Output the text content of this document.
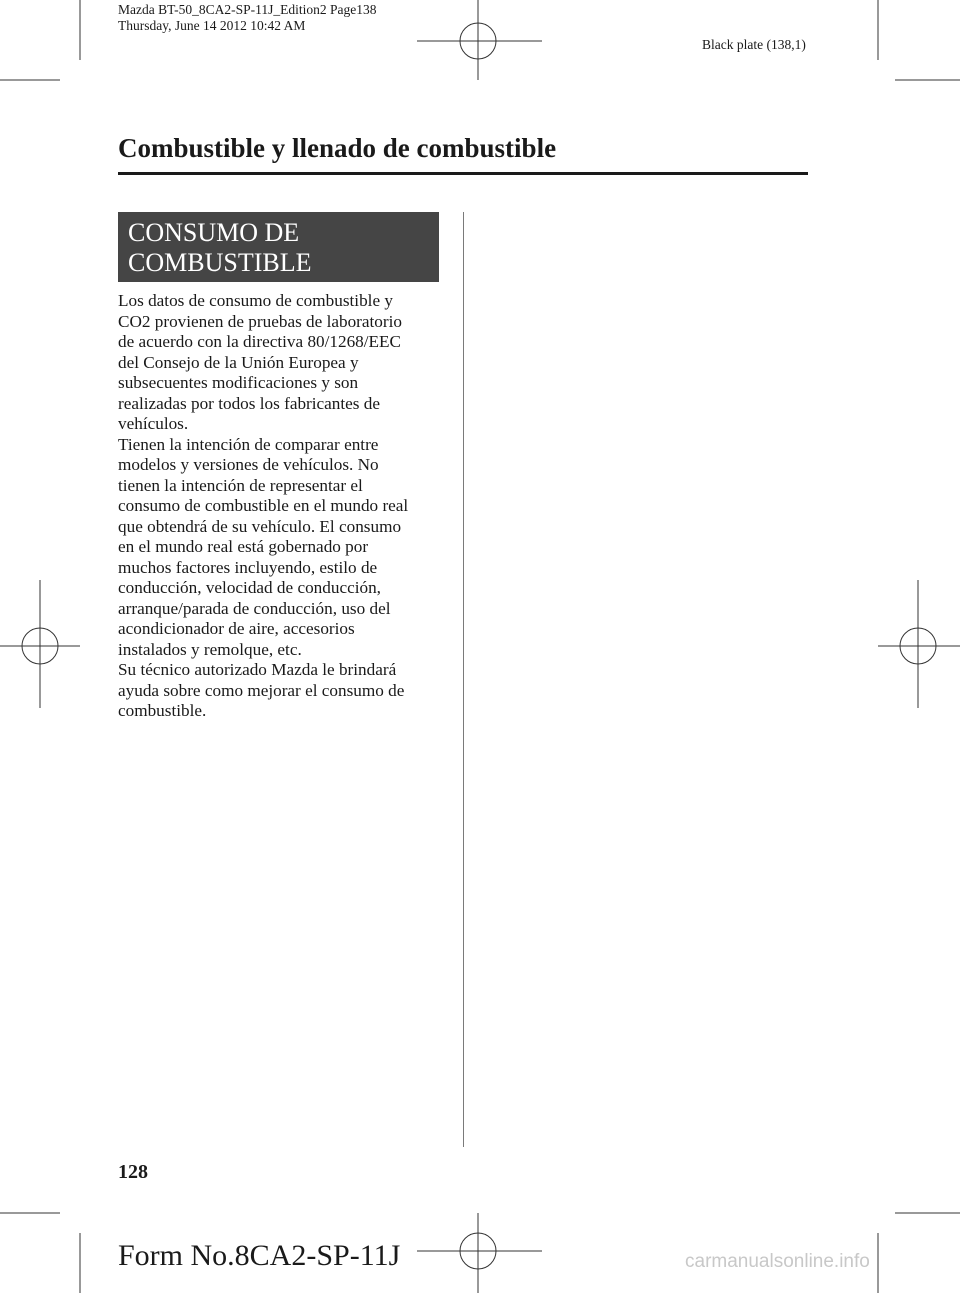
Mazda BT-50_8CA2-SP-11J_Edition2 Page138
Thursday, June 14 2012 10:42 AM
Black plate (138,1)
Combustible y llenado de combustible
CONSUMO DE
COMBUSTIBLE
Los datos de consumo de combustible y
CO2 provienen de pruebas de laboratorio
de acuerdo con la directiva 80/1268/EEC
del Consejo de la Unión Europea y
subsecuentes modificaciones y son
realizadas por todos los fabricantes de
vehículos.
Tienen la intención de comparar entre
modelos y versiones de vehículos. No
tienen la intención de representar el
consumo de combustible en el mundo real
que obtendrá de su vehículo. El consumo
en el mundo real está gobernado por
muchos factores incluyendo, estilo de
conducción, velocidad de conducción,
arranque/parada de conducción, uso del
acondicionador de aire, accesorios
instalados y remolque, etc.
Su técnico autorizado Mazda le brindará
ayuda sobre como mejorar el consumo de
combustible.
128
Form No.8CA2-SP-11J	carmanualsonline.info
